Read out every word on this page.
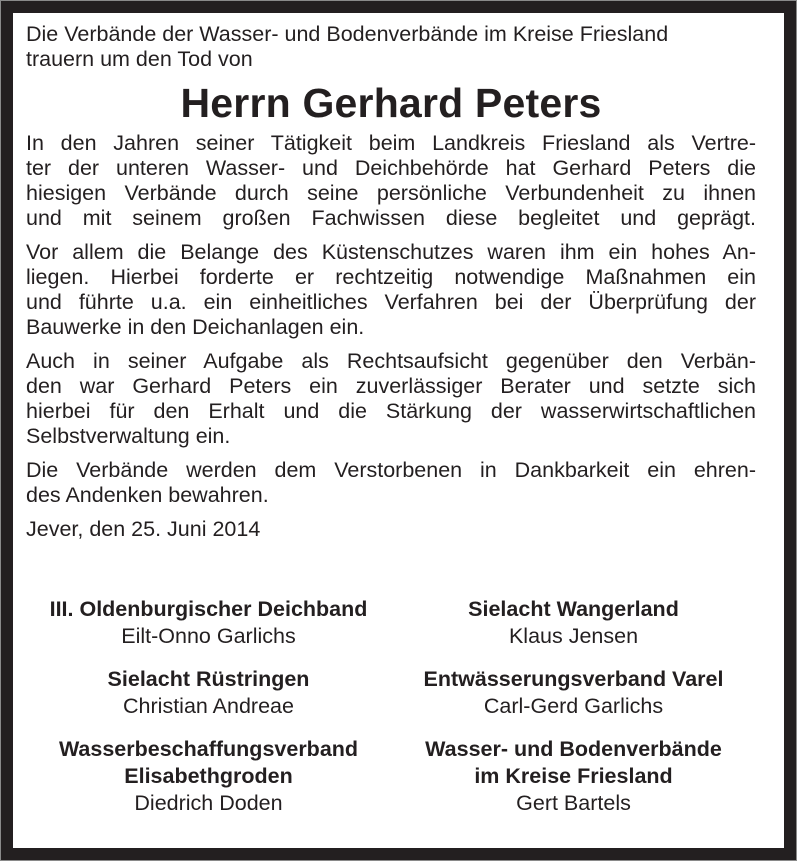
Die Verbände der Wasser- und Bodenverbände im Kreise Friesland
trauern um den Tod von
Herrn Gerhard Peters
In den Jahren seiner Tätigkeit beim Landkreis Friesland als Vertre-
ter der unteren Wasser- und Deichbehörde hat Gerhard Peters die
hiesigen Verbände durch seine persönliche Verbundenheit zu ihnen
und mit seinem großen Fachwissen diese begleitet und geprägt.
Vor allem die Belange des Küstenschutzes waren ihm ein hohes An-
liegen. Hierbei forderte er rechtzeitig notwendige Maßnahmen ein
und führte u.a. ein einheitliches Verfahren bei der Überprüfung der
Bauwerke in den Deichanlagen ein.
Auch in seiner Aufgabe als Rechtsaufsicht gegenüber den Verbän-
den war Gerhard Peters ein zuverlässiger Berater und setzte sich
hierbei für den Erhalt und die Stärkung der wasserwirtschaftlichen
Selbstverwaltung ein.
Die Verbände werden dem Verstorbenen in Dankbarkeit ein ehren-
des Andenken bewahren.
Jever, den 25. Juni 2014
III. Oldenburgischer Deichband
Eilt-Onno Garlichs
Sielacht Wangerland
Klaus Jensen
Sielacht Rüstringen
Christian Andreae
Entwässerungsverband Varel
Carl-Gerd Garlichs
Wasserbeschaffungsverband
Elisabethgroden
Diedrich Doden
Wasser- und Bodenverbände
im Kreise Friesland
Gert Bartels
